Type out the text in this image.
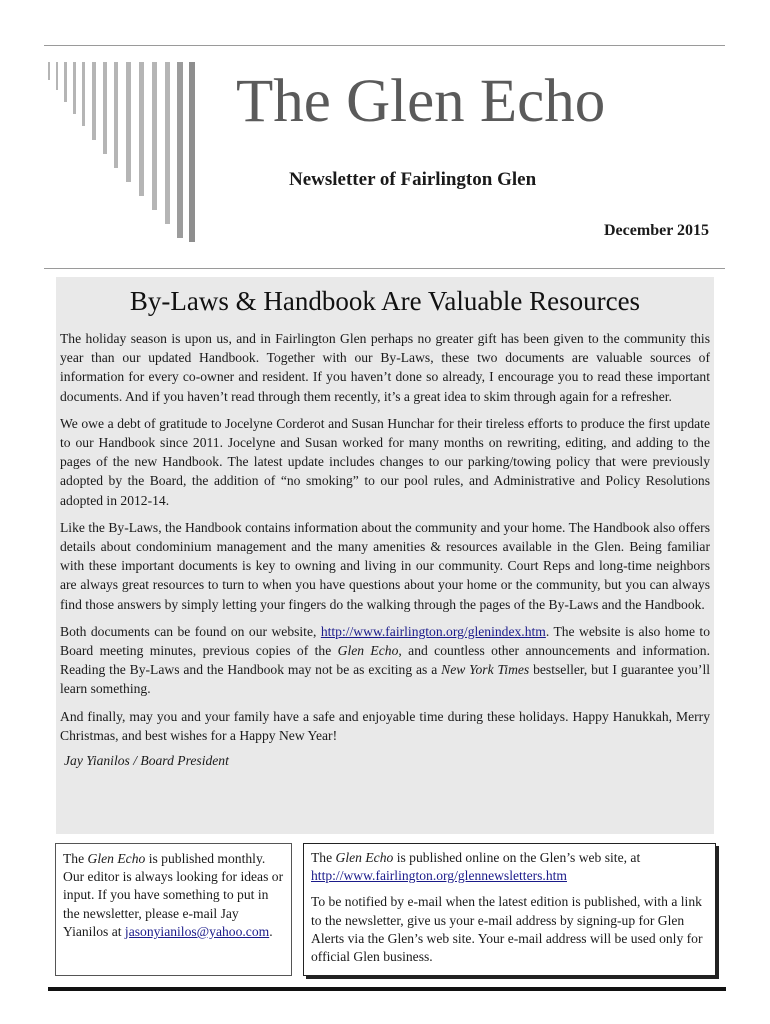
The Glen Echo
Newsletter of Fairlington Glen
December 2015
By-Laws & Handbook Are Valuable Resources

The holiday season is upon us, and in Fairlington Glen perhaps no greater gift has been given to the community this year than our updated Handbook. Together with our By-Laws, these two documents are valuable sources of information for every co-owner and resident. If you haven’t done so already, I encourage you to read these important documents. And if you haven’t read through them recently, it’s a great idea to skim through again for a refresher.

We owe a debt of gratitude to Jocelyne Corderot and Susan Hunchar for their tireless efforts to produce the first update to our Handbook since 2011. Jocelyne and Susan worked for many months on rewriting, editing, and adding to the pages of the new Handbook. The latest update includes changes to our parking/towing policy that were previously adopted by the Board, the addition of “no smoking” to our pool rules, and Administrative and Policy Resolutions adopted in 2012-14.

Like the By-Laws, the Handbook contains information about the community and your home. The Handbook also offers details about condominium management and the many amenities & resources available in the Glen. Being familiar with these important documents is key to owning and living in our community. Court Reps and long-time neighbors are always great resources to turn to when you have questions about your home or the community, but you can always find those answers by simply letting your fingers do the walking through the pages of the By-Laws and the Handbook.

Both documents can be found on our website, http://www.fairlington.org/glenindex.htm. The website is also home to Board meeting minutes, previous copies of the Glen Echo, and countless other announcements and information. Reading the By-Laws and the Handbook may not be as exciting as a New York Times bestseller, but I guarantee you’ll learn something.

And finally, may you and your family have a safe and enjoyable time during these holidays. Happy Hanukkah, Merry Christmas, and best wishes for a Happy New Year!

Jay Yianilos / Board President

The Glen Echo is published monthly. Our editor is always looking for ideas or input. If you have something to put in the newsletter, please e-mail Jay Yianilos at jasonyianilos@yahoo.com.

The Glen Echo is published online on the Glen’s web site, at http://www.fairlington.org/glennewsletters.htm

To be notified by e-mail when the latest edition is published, with a link to the newsletter, give us your e-mail address by signing-up for Glen Alerts via the Glen’s web site. Your e-mail address will be used only for official Glen business.
